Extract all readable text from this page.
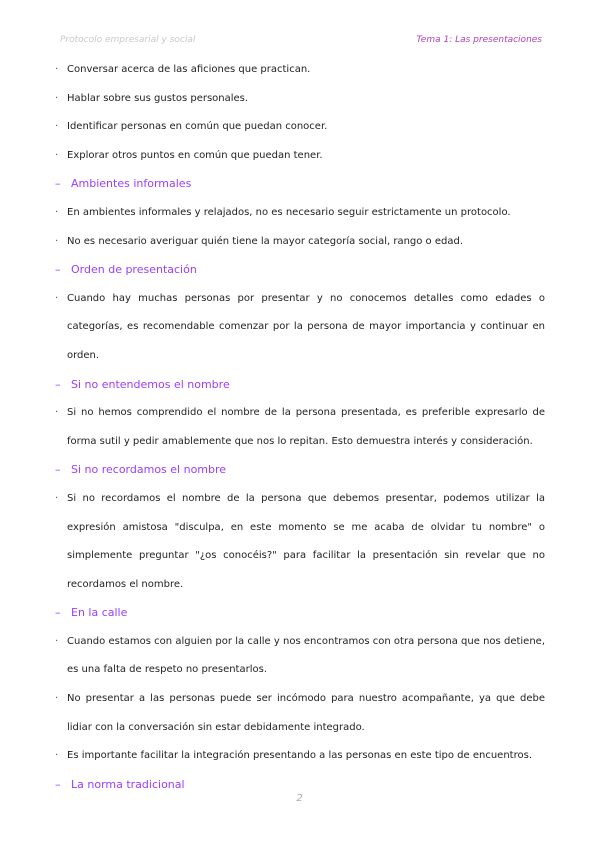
Protocolo empresarial y social	Tema 1: Las presentaciones
· Conversar acerca de las aficiones que practican.
· Hablar sobre sus gustos personales.
· Identificar personas en común que puedan conocer.
· Explorar otros puntos en común que puedan tener.
– Ambientes informales
· En ambientes informales y relajados, no es necesario seguir estrictamente un protocolo.
· No es necesario averiguar quién tiene la mayor categoría social, rango o edad.
– Orden de presentación
· Cuando hay muchas personas por presentar y no conocemos detalles como edades o categorías, es recomendable comenzar por la persona de mayor importancia y continuar en orden.
– Si no entendemos el nombre
· Si no hemos comprendido el nombre de la persona presentada, es preferible expresarlo de forma sutil y pedir amablemente que nos lo repitan. Esto demuestra interés y consideración.
– Si no recordamos el nombre
· Si no recordamos el nombre de la persona que debemos presentar, podemos utilizar la expresión amistosa "disculpa, en este momento se me acaba de olvidar tu nombre" o simplemente preguntar "¿os conocéis?" para facilitar la presentación sin revelar que no recordamos el nombre.
– En la calle
· Cuando estamos con alguien por la calle y nos encontramos con otra persona que nos detiene, es una falta de respeto no presentarlos.
· No presentar a las personas puede ser incómodo para nuestro acompañante, ya que debe lidiar con la conversación sin estar debidamente integrado.
· Es importante facilitar la integración presentando a las personas en este tipo de encuentros.
– La norma tradicional
2
